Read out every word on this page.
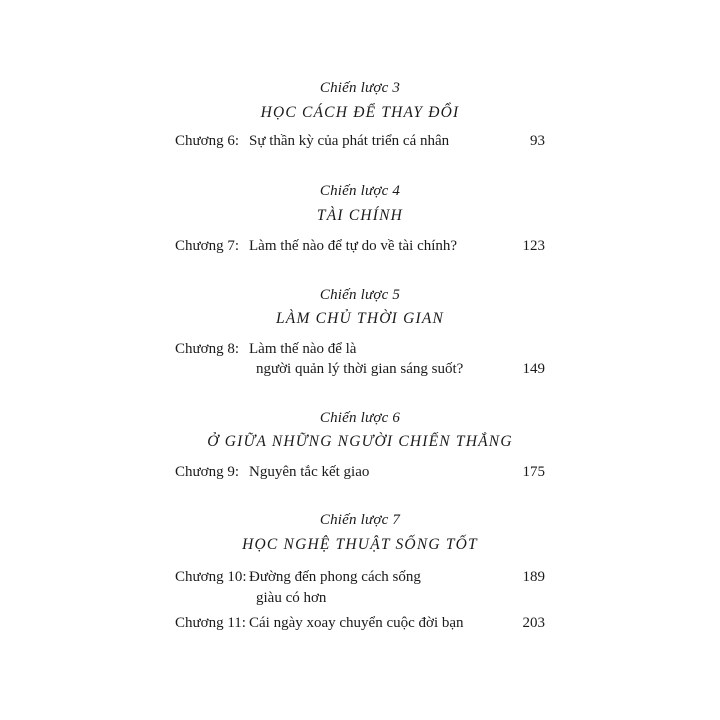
Chiến lược 3
HỌC CÁCH ĐỂ THAY ĐỔI
Chương 6: Sự thần kỳ của phát triển cá nhân	93
Chiến lược 4
TÀI CHÍNH
Chương 7: Làm thế nào để tự do về tài chính?	123
Chiến lược 5
LÀM CHỦ THỜI GIAN
Chương 8: Làm thế nào để là
người quản lý thời gian sáng suốt?	149
Chiến lược 6
Ở GIỮA NHỮNG NGƯỜI CHIẾN THẮNG
Chương 9: Nguyên tắc kết giao	175
Chiến lược 7
HỌC NGHỆ THUẬT SỐNG TỐT
Chương 10: Đường đến phong cách sống	189
giàu có hơn
Chương 11: Cái ngày xoay chuyển cuộc đời bạn	203
